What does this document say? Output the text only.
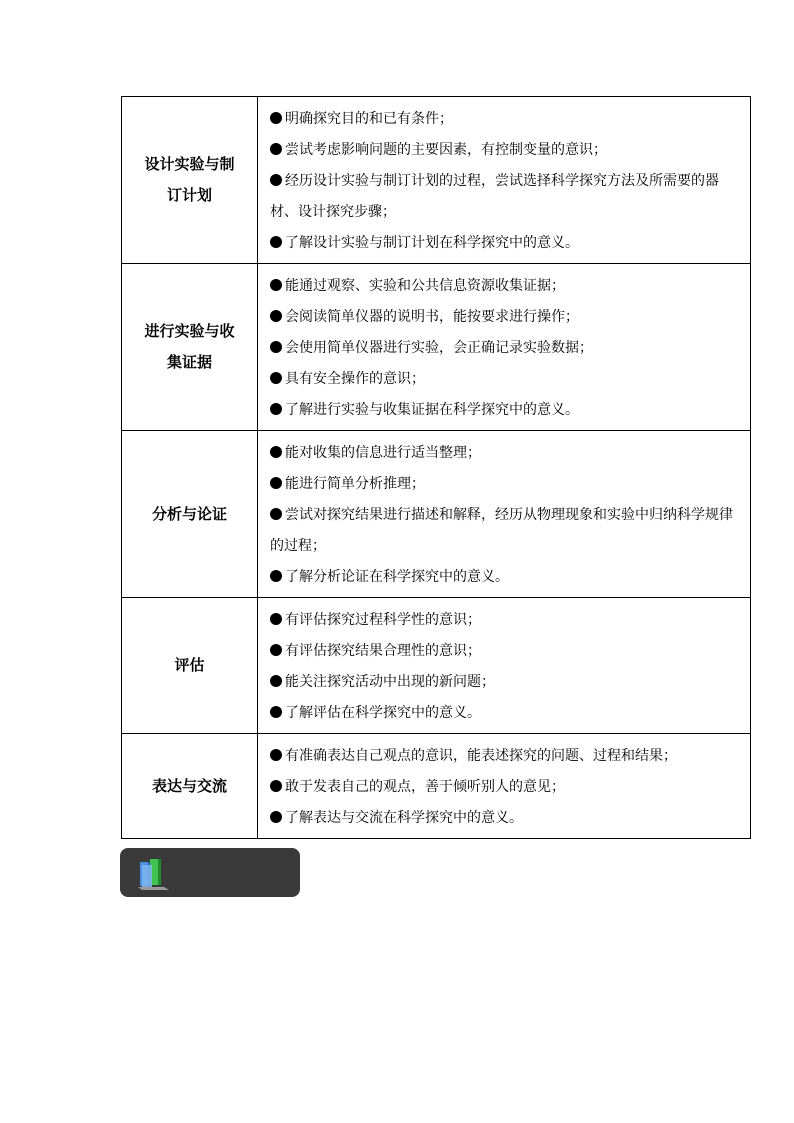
设计实验与制订计划	明确探究目的和已有条件；

尝试考虑影响问题的主要因素，有控制变量的意识；

经历设计实验与制订计划的过程，尝试选择科学探究方法及所需要的器材、设计探究步骤；

了解设计实验与制订计划在科学探究中的意义。

进行实验与收集证据	能通过观察、实验和公共信息资源收集证据；

会阅读简单仪器的说明书，能按要求进行操作；

会使用简单仪器进行实验，会正确记录实验数据；

具有安全操作的意识；

了解进行实验与收集证据在科学探究中的意义。

分析与论证	能对收集的信息进行适当整理；

能进行简单分析推理；

尝试对探究结果进行描述和解释，经历从物理现象和实验中归纳科学规律的过程；

了解分析论证在科学探究中的意义。

评估	有评估探究过程科学性的意识；

有评估探究结果合理性的意识；

能关注探究活动中出现的新问题；

了解评估在科学探究中的意义。

表达与交流	有准确表达自己观点的意识，能表述探究的问题、过程和结果；

敢于发表自己的观点，善于倾听别人的意见；

了解表达与交流在科学探究中的意义。
